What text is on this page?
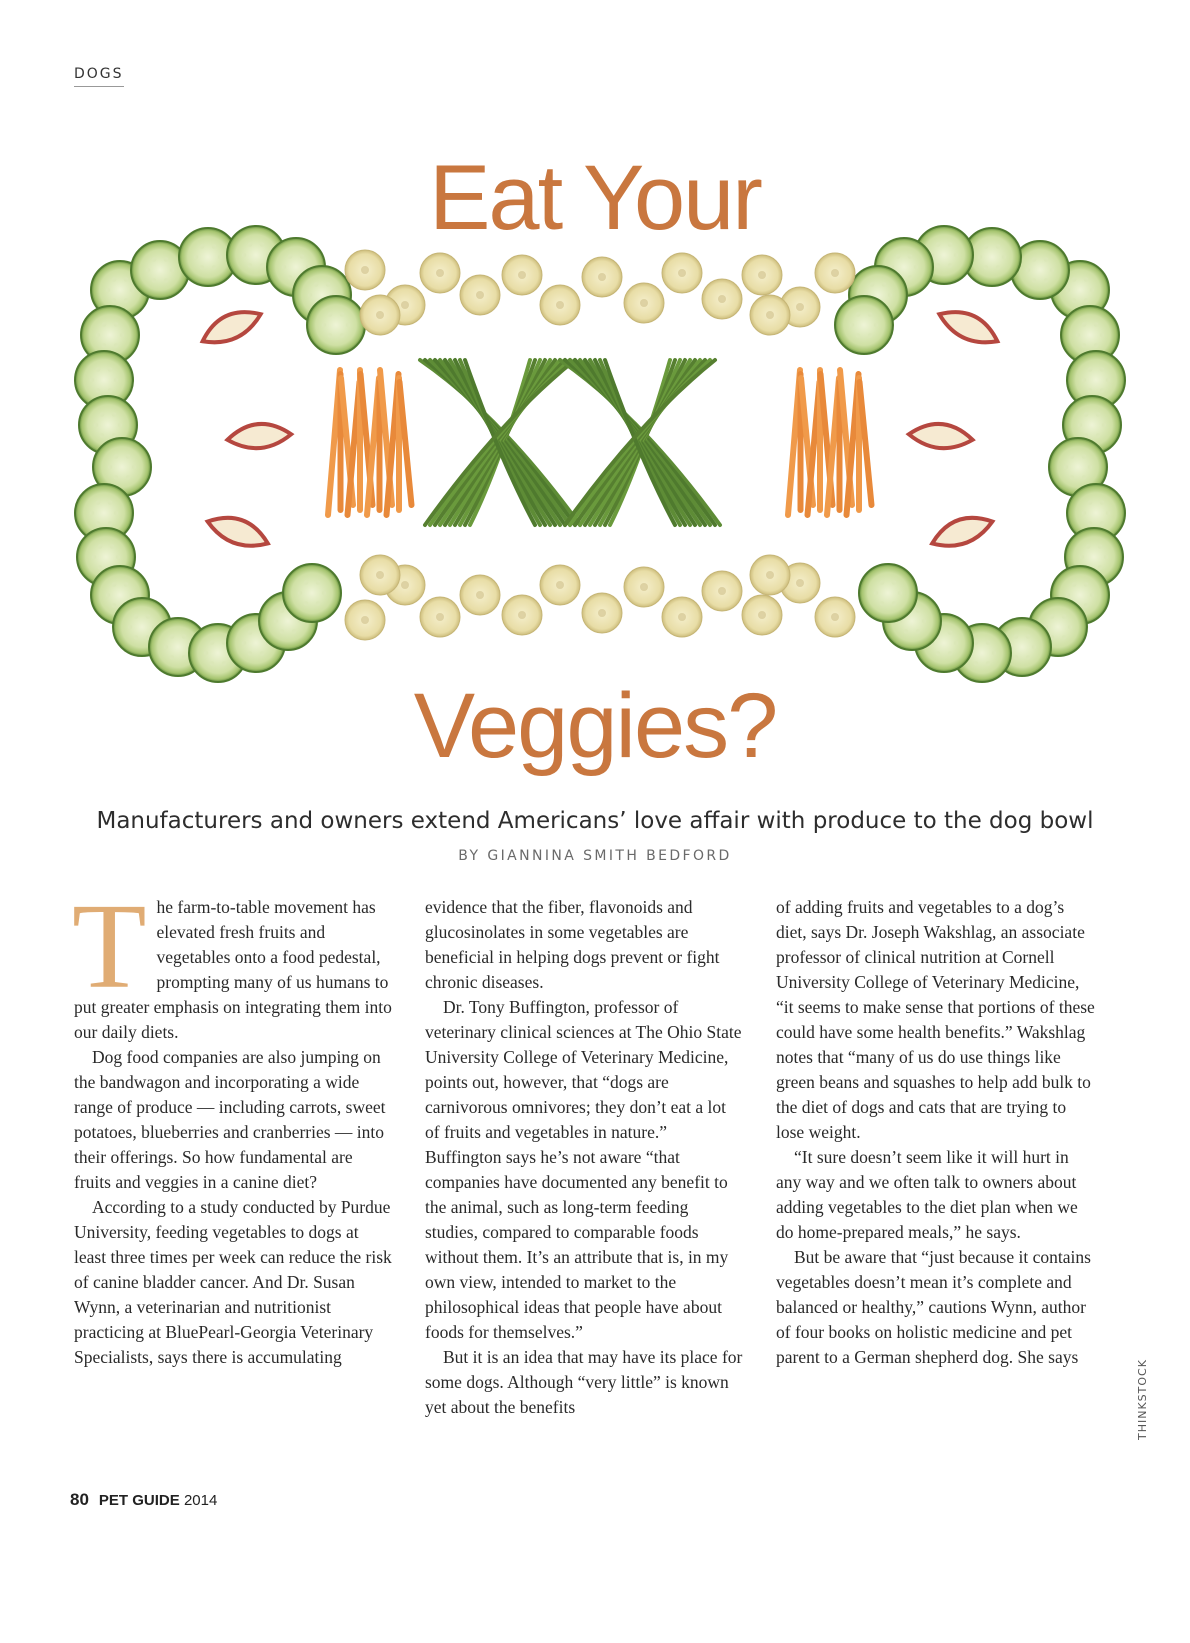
DOGS
Eat Your
Veggies?
Manufacturers and owners extend Americans’ love affair with produce to the dog bowl
BY GIANNINA SMITH BEDFORD

The farm-to-table movement has elevated fresh fruits and vegetables onto a food pedestal, prompting many of us humans to put greater emphasis on integrating them into our daily diets.

Dog food companies are also jumping on the bandwagon and incorporating a wide range of produce — including carrots, sweet potatoes, blueberries and cranberries — into their offerings. So how fundamental are fruits and veggies in a canine diet?

According to a study conducted by Purdue University, feeding vegetables to dogs at least three times per week can reduce the risk of canine bladder cancer. And Dr. Susan Wynn, a veterinarian and nutritionist practicing at BluePearl-Georgia Veterinary Specialists, says there is accumulating

evidence that the fiber, flavonoids and glucosinolates in some vegetables are beneficial in helping dogs prevent or fight chronic diseases.

Dr. Tony Buffington, professor of veterinary clinical sciences at The Ohio State University College of Veterinary Medicine, points out, however, that “dogs are carnivorous omnivores; they don’t eat a lot of fruits and vegetables in nature.” Buffington says he’s not aware “that companies have documented any benefit to the animal, such as long-term feeding studies, compared to comparable foods without them. It’s an attribute that is, in my own view, intended to market to the philosophical ideas that people have about foods for themselves.”

But it is an idea that may have its place for some dogs. Although “very little” is known yet about the benefits

of adding fruits and vegetables to a dog’s diet, says Dr. Joseph Wakshlag, an associate professor of clinical nutrition at Cornell University College of Veterinary Medicine, “it seems to make sense that portions of these could have some health benefits.” Wakshlag notes that “many of us do use things like green beans and squashes to help add bulk to the diet of dogs and cats that are trying to lose weight.

“It sure doesn’t seem like it will hurt in any way and we often talk to owners about adding vegetables to the diet plan when we do home-prepared meals,” he says.

But be aware that “just because it contains vegetables doesn’t mean it’s complete and balanced or healthy,” cautions Wynn, author of four books on holistic medicine and pet parent to a German shepherd dog. She says

THINKSTOCK
80 PET GUIDE 2014
